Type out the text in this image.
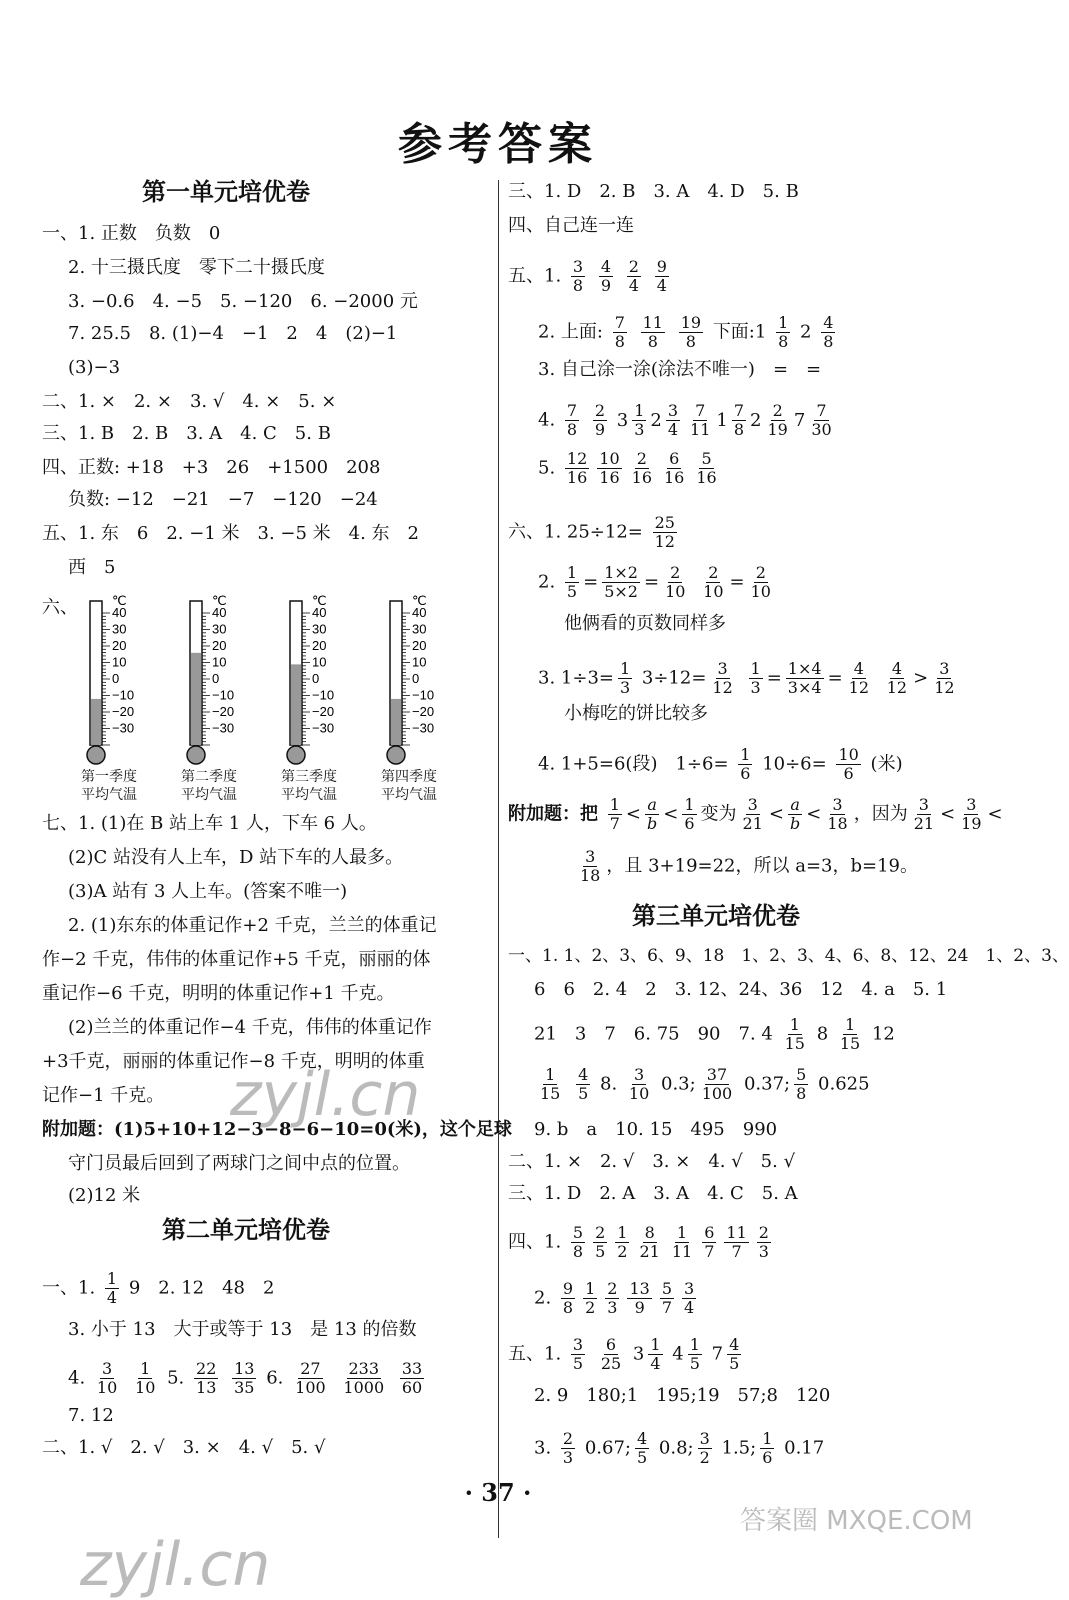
参考答案
第一单元培优卷
一、1. 正数　负数　0
2. 十三摄氏度　零下二十摄氏度
3. −0.6　4. −5　5. −120　6. −2000 元
7. 25.5　8. (1)−4　−1　2　4　(2)−1
(3)−3
二、1. ×　2. ×　3. √　4. ×　5. ×
三、1. B　2. B　3. A　4. C　5. B
四、正数: +18　+3　26　+1500　208
负数: −12　−21　−7　−120　−24
五、1. 东　6　2. −1 米　3. −5 米　4. 东　2
西　5
六、
七、1. (1)在 B 站上车 1 人，下车 6 人。
(2)C 站没有人上车，D 站下车的人最多。
(3)A 站有 3 人上车。(答案不唯一)
2. (1)东东的体重记作+2 千克，兰兰的体重记
作−2 千克，伟伟的体重记作+5 千克，丽丽的体
重记作−6 千克，明明的体重记作+1 千克。
(2)兰兰的体重记作−4 千克，伟伟的体重记作
+3千克，丽丽的体重记作−8 千克，明明的体重
记作−1 千克。
附加题：(1)5+10+12−3−8−6−10=0(米)，这个足球
守门员最后回到了两球门之间中点的位置。
(2)12 米
第二单元培优卷
一、1. $\frac{1}{4} 9$　2. 12　48　2
3. 小于 13　大于或等于 13　是 13 的倍数
4. $\frac{3}{10}$
$\frac{1}{10} 5$. $\frac{22}{13}$
$\frac{13}{35} 6$. $\frac{27}{100}$
$\frac{233}{1000}$
$\frac{33}{60}$
7. 12
二、1. √　2. √　3. ×　4. √　5. √
℃
40
30
20
10
0
−10
−20
−30
第一季度
平均气温
℃
40
30
20
10
0
−10
−20
−30
第二季度
平均气温
℃
40
30
20
10
0
−10
−20
−30
第三季度
平均气温
℃
40
30
20
10
0
−10
−20
−30
第四季度
平均气温
三、1. D　2. B　3. A　4. D　5. B
四、自己连一连
五、1. $\frac{3}{8}$
$\frac{4}{9}$
$\frac{2}{4}$
$\frac{9}{4}$
2. 上面: $\frac{7}{8}$
$\frac{11}{8}$
$\frac{19}{8}$ 下面:1 $\frac{1}{8} 2 \frac{4}{8}$
3. 自己涂一涂(涂法不唯一)　=　=
4. $\frac{7}{8}$
$\frac{2}{9} 3 \frac{1}{3} 2 \frac{3}{4} \frac{7}{11} 1 \frac{7}{8} 2 \frac{2}{19} 7 \frac{7}{30}$
5. $\frac{12}{16} \frac{10}{16} \frac{2}{16} \frac{6}{16} \frac{5}{16}$
六、1. $25\div 12= \frac{25}{12}$
2. $\frac{1}{5} = \frac{1\times 2}{5\times 2} = \frac{2}{10}$
$\frac{2}{10} = \frac{2}{10}$
他俩看的页数同样多
3. $1\div 3= \frac{1}{3} 3\div 12= \frac{3}{12}$
$\frac{1}{3} = \frac{1\times 4}{3\times 4} = \frac{4}{12}$
$\frac{4}{12} > \frac{3}{12}$
小梅吃的饼比较多
4. 1+5=6(段)　$1\div 6= \frac{1}{6} 10\div 6= \frac{10}{6}$ (米)
附加题：把 $\frac{1}{7} < \frac{a}{b} < \frac{1}{6}$ 变为 $\frac{3}{21} < \frac{a}{b} < \frac{3}{18}$ ，因为 $\frac{3}{21} < \frac{3}{19}$ <
$\frac{3}{18}$ ，且 3+19=22，所以 a=3，b=19。
第三单元培优卷
一、1. 1、2、3、6、9、18　1、2、3、4、6、8、12、24　1、2、3、
6　6　2. 4　2　3. 12、24、36　12　4. a　5. 1
21　3　7　6. 75　90　7. $4 \frac{1}{15} 8 \frac{1}{15} 12$
$\frac{1}{15}$
$\frac{4}{5} 8$. $\frac{3}{10} 0.3$; $\frac{37}{100} 0.37$; $\frac{5}{8} 0.625$
9. b　a　10. 15　495　990
二、1. ×　2. √　3. ×　4. √　5. √
三、1. D　2. A　3. A　4. C　5. A
四、1. $\frac{5}{8} \frac{2}{5} \frac{1}{2} \frac{8}{21} \frac{1}{11} \frac{6}{7} \frac{11}{7} \frac{2}{3}$
2. $\frac{9}{8} \frac{1}{2} \frac{2}{3} \frac{13}{9} \frac{5}{7} \frac{3}{4}$
五、1. $\frac{3}{5}$
$\frac{6}{25} 3 \frac{1}{4} 4 \frac{1}{5} 7 \frac{4}{5}$
2. 9　180;1　195;19　57;8　120
3. $\frac{2}{3} 0.67$; $\frac{4}{5} 0.8$; $\frac{3}{2} 1.5$; $\frac{1}{6} 0.17$
· 37 ·
zyjl.cn
zyjl.cn
答案圈 MXQE.COM
